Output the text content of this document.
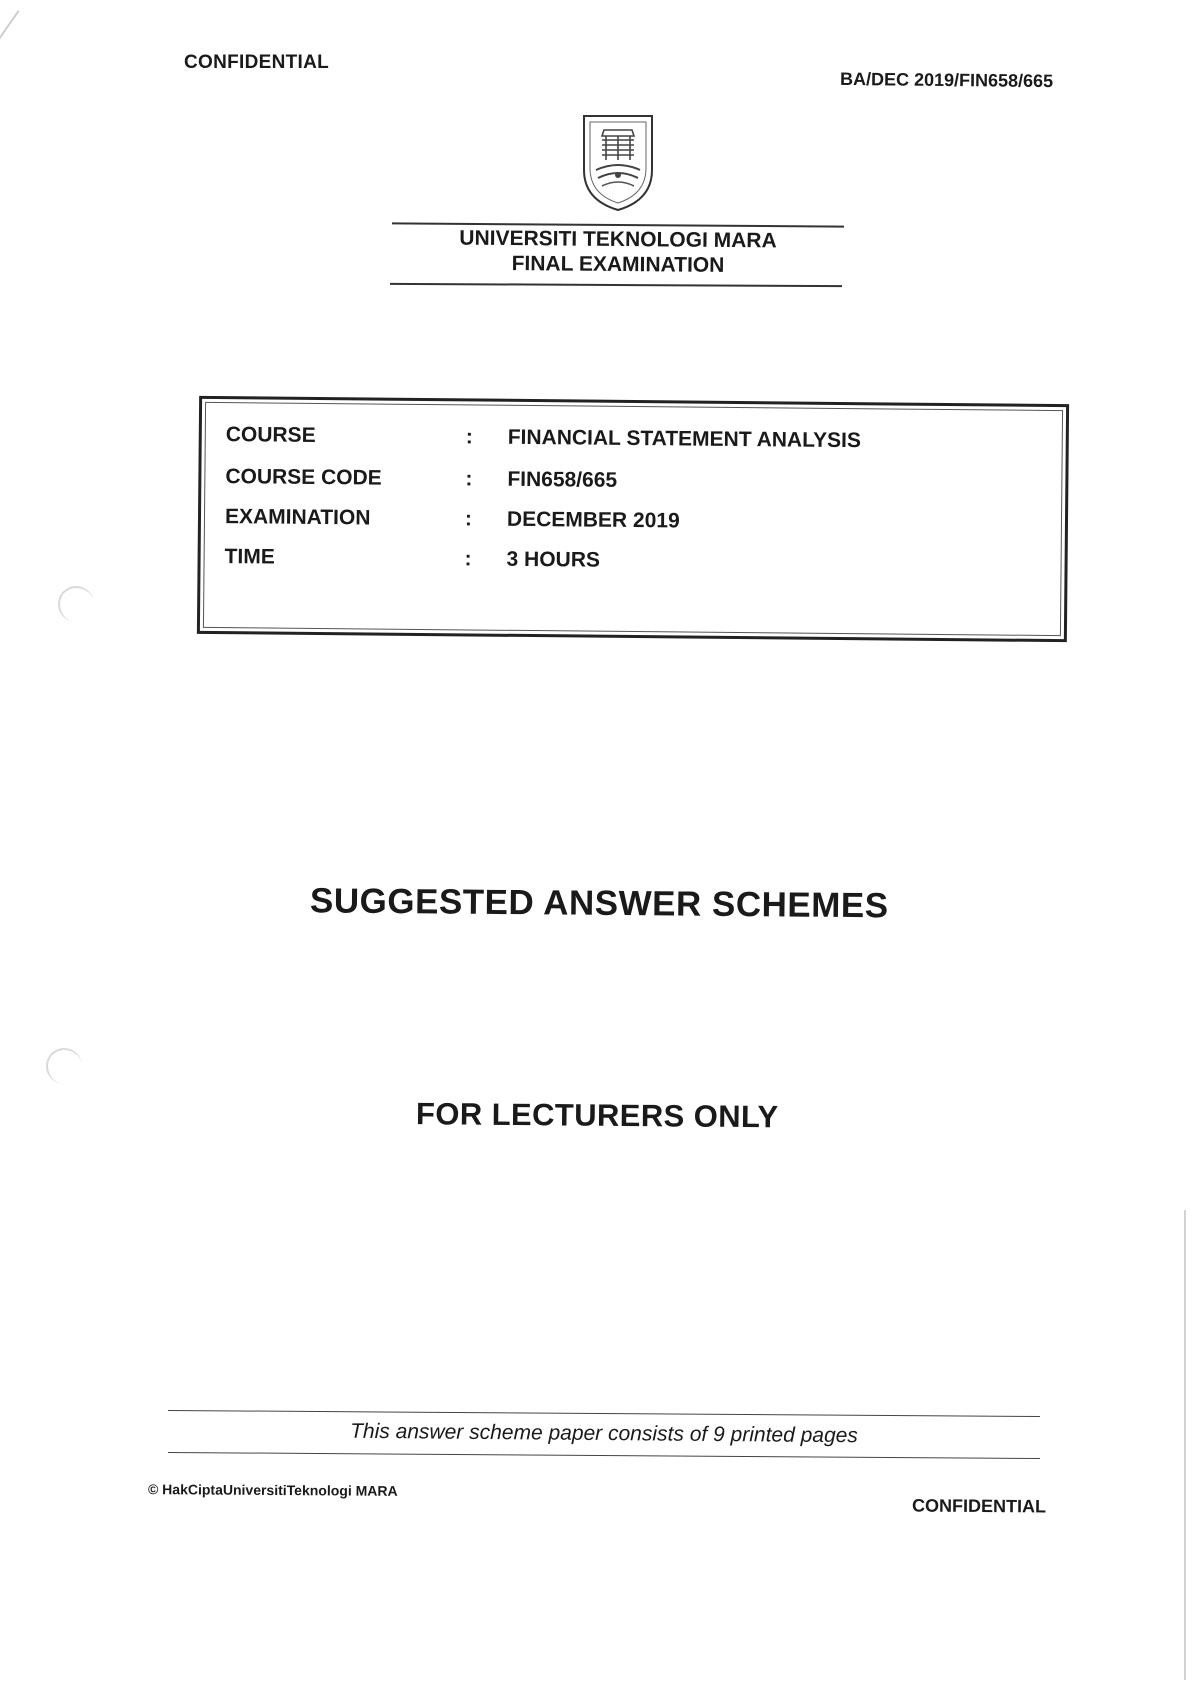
CONFIDENTIAL
BA/DEC 2019/FIN658/665
UNIVERSITI TEKNOLOGI MARA
FINAL EXAMINATION
COURSE	: FINANCIAL STATEMENT ANALYSIS
COURSE CODE	: FIN658/665
EXAMINATION	: DECEMBER 2019
TIME	: 3 HOURS
SUGGESTED ANSWER SCHEMES
FOR LECTURERS ONLY
This answer scheme paper consists of 9 printed pages
© HakCiptaUniversitiTeknologi MARA
CONFIDENTIAL
